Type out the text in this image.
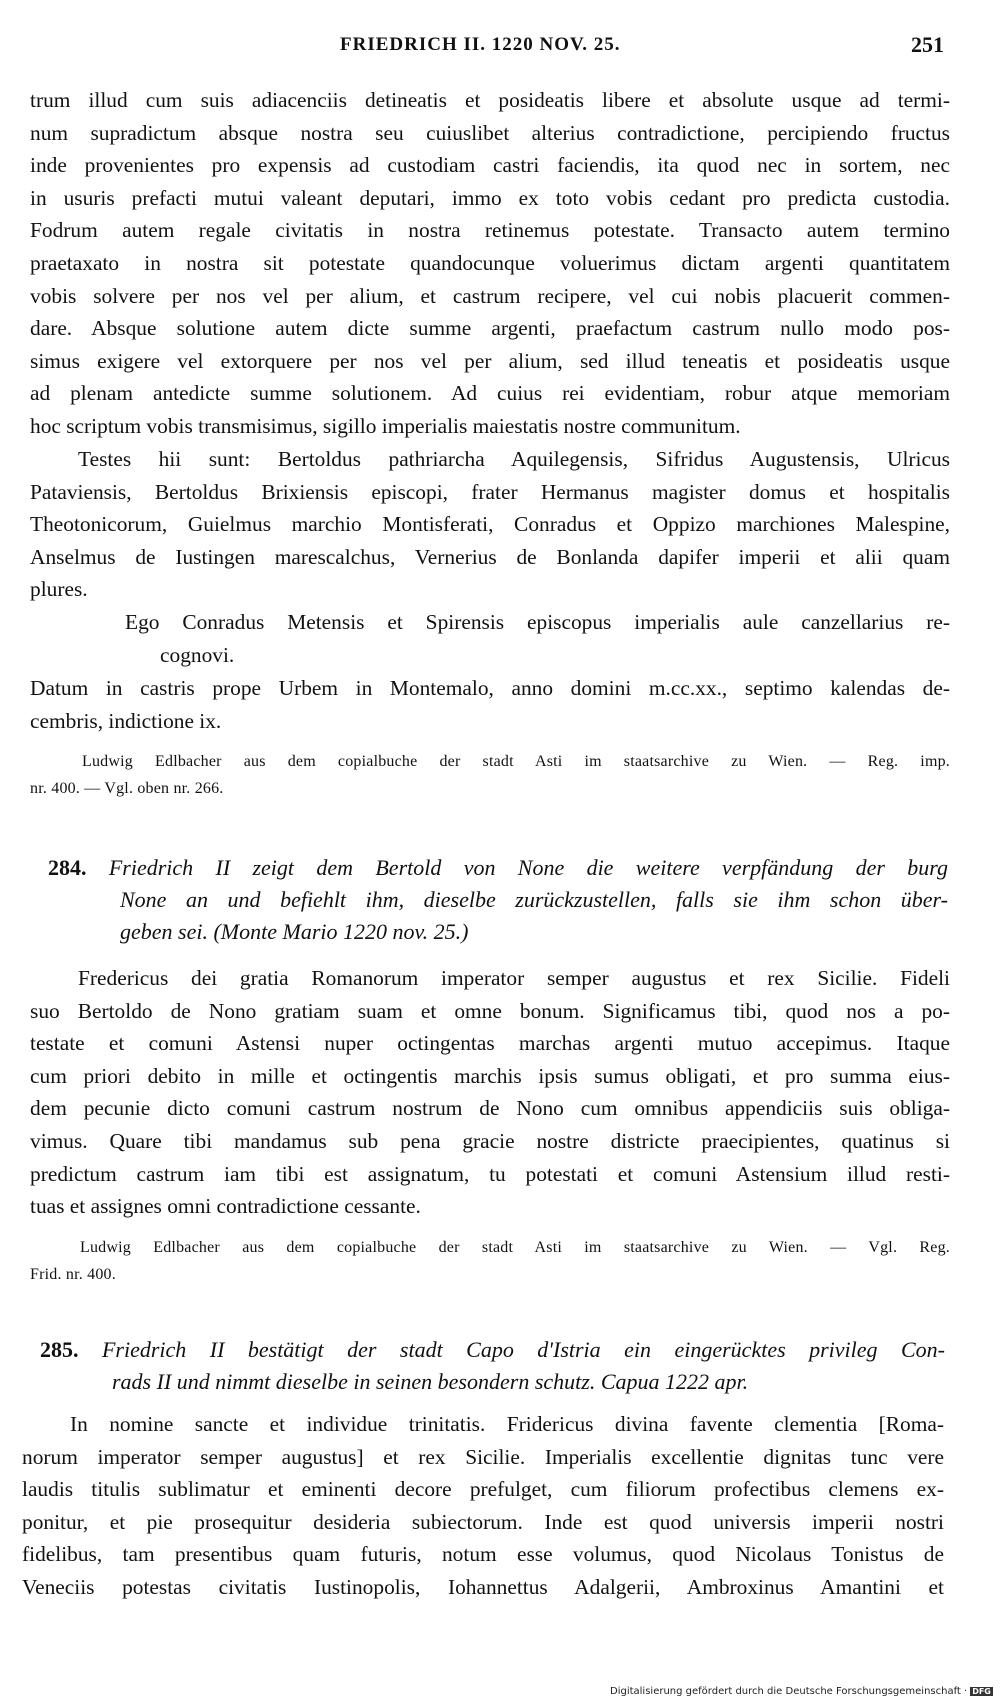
FRIEDRICH II. 1220 NOV. 25.	251
trum illud cum suis adiacenciis detineatis et posideatis libere et absolute usque ad termi-
num supradictum absque nostra seu cuiuslibet alterius contradictione, percipiendo fructus
inde provenientes pro expensis ad custodiam castri faciendis, ita quod nec in sortem, nec
in usuris prefacti mutui valeant deputari, immo ex toto vobis cedant pro predicta custodia.
Fodrum autem regale civitatis in nostra retinemus potestate. Transacto autem termino
praetaxato in nostra sit potestate quandocunque voluerimus dictam argenti quantitatem
vobis solvere per nos vel per alium, et castrum recipere, vel cui nobis placuerit commen-
dare. Absque solutione autem dicte summe argenti, praefactum castrum nullo modo pos-
simus exigere vel extorquere per nos vel per alium, sed illud teneatis et posideatis usque
ad plenam antedicte summe solutionem. Ad cuius rei evidentiam, robur atque memoriam
hoc scriptum vobis transmisimus, sigillo imperialis maiestatis nostre communitum.
Testes hii sunt: Bertoldus pathriarcha Aquilegensis, Sifridus Augustensis, Ulricus
Pataviensis, Bertoldus Brixiensis episcopi, frater Hermanus magister domus et hospitalis
Theotonicorum, Guielmus marchio Montisferati, Conradus et Oppizo marchiones Malespine,
Anselmus de Iustingen marescalchus, Vernerius de Bonlanda dapifer imperii et alii quam
plures.
Ego Conradus Metensis et Spirensis episcopus imperialis aule canzellarius re-
cognovi.
Datum in castris prope Urbem in Montemalo, anno domini m.cc.xx., septimo kalendas de-
cembris, indictione ix.
Ludwig Edlbacher aus dem copialbuche der stadt Asti im staatsarchive zu Wien. — Reg. imp.
nr. 400. — Vgl. oben nr. 266.
284. Friedrich II zeigt dem Bertold von None die weitere verpfändung der burg
None an und befiehlt ihm, dieselbe zurückzustellen, falls sie ihm schon über-
geben sei. (Monte Mario 1220 nov. 25.)
Fredericus dei gratia Romanorum imperator semper augustus et rex Sicilie. Fideli
suo Bertoldo de Nono gratiam suam et omne bonum. Significamus tibi, quod nos a po-
testate et comuni Astensi nuper octingentas marchas argenti mutuo accepimus. Itaque
cum priori debito in mille et octingentis marchis ipsis sumus obligati, et pro summa eius-
dem pecunie dicto comuni castrum nostrum de Nono cum omnibus appendiciis suis obliga-
vimus. Quare tibi mandamus sub pena gracie nostre districte praecipientes, quatinus si
predictum castrum iam tibi est assignatum, tu potestati et comuni Astensium illud resti-
tuas et assignes omni contradictione cessante.
Ludwig Edlbacher aus dem copialbuche der stadt Asti im staatsarchive zu Wien. — Vgl. Reg.
Frid. nr. 400.
285. Friedrich II bestätigt der stadt Capo d'Istria ein eingerücktes privileg Con-
rads II und nimmt dieselbe in seinen besondern schutz. Capua 1222 apr.
In nomine sancte et individue trinitatis. Fridericus divina favente clementia [Roma-
norum imperator semper augustus] et rex Sicilie. Imperialis excellentie dignitas tunc vere
laudis titulis sublimatur et eminenti decore prefulget, cum filiorum profectibus clemens ex-
ponitur, et pie prosequitur desideria subiectorum. Inde est quod universis imperii nostri
fidelibus, tam presentibus quam futuris, notum esse volumus, quod Nicolaus Tonistus de
Veneciis potestas civitatis Iustinopolis, Iohannettus Adalgerii, Ambroxinus Amantini et
Digitalisierung gefördert durch die Deutsche Forschungsgemeinschaft · DFG
